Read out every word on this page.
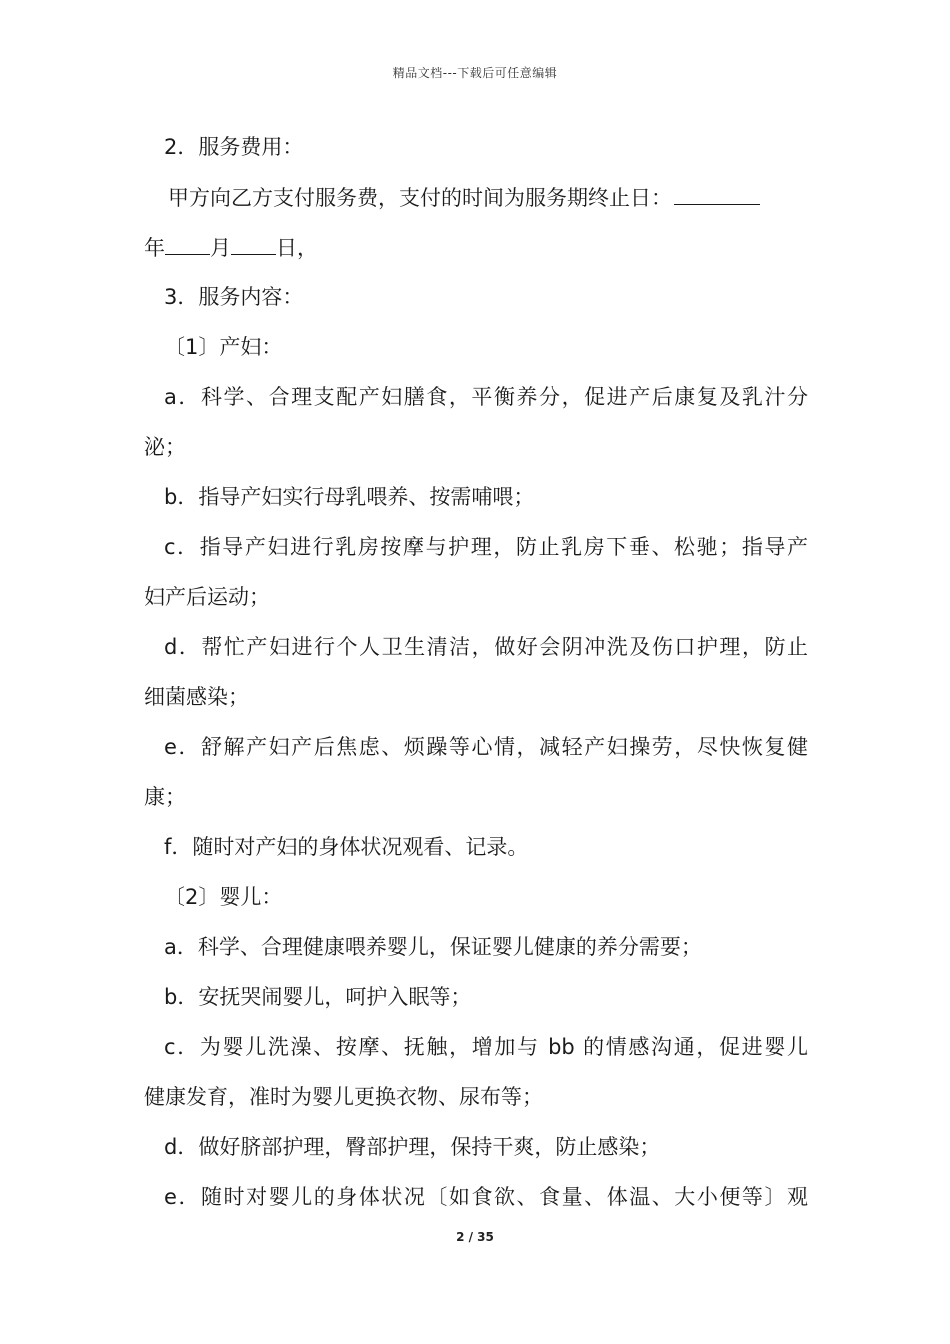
精品文档---下载后可任意编辑
2．服务费用：
甲方向乙方支付服务费，支付的时间为服务期终止日：
年 月 日，
3．服务内容：
〔1〕产妇：
a．科学、合理支配产妇膳食，平衡养分，促进产后康复及乳汁分
泌；
b．指导产妇实行母乳喂养、按需哺喂；
c．指导产妇进行乳房按摩与护理，防止乳房下垂、松驰；指导产
妇产后运动；
d．帮忙产妇进行个人卫生清洁，做好会阴冲洗及伤口护理，防止
细菌感染；
e．舒解产妇产后焦虑、烦躁等心情，减轻产妇操劳，尽快恢复健
康；
f．随时对产妇的身体状况观看、记录。
〔2〕婴儿：
a．科学、合理健康喂养婴儿，保证婴儿健康的养分需要；
b．安抚哭闹婴儿，呵护入眠等；
c．为婴儿洗澡、按摩、抚触，增加与 bb 的情感沟通，促进婴儿
健康发育，准时为婴儿更换衣物、尿布等；
d．做好脐部护理，臀部护理，保持干爽，防止感染；
e．随时对婴儿的身体状况〔如食欲、食量、体温、大小便等〕观
2 / 35
